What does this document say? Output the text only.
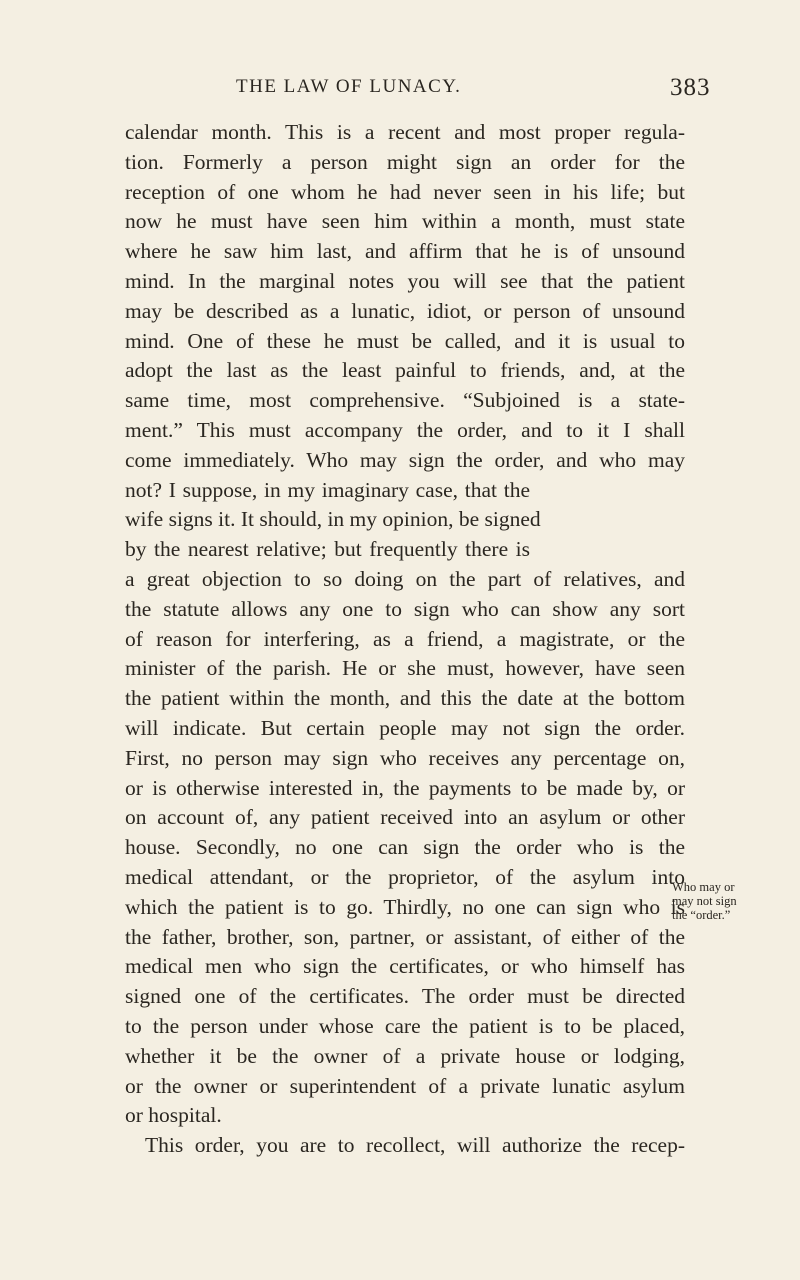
THE LAW OF LUNACY.	383
calendar month. This is a recent and most proper regula-
tion. Formerly a person might sign an order for the
reception of one whom he had never seen in his life; but
now he must have seen him within a month, must state
where he saw him last, and affirm that he is of unsound
mind. In the marginal notes you will see that the patient
may be described as a lunatic, idiot, or person of unsound
mind. One of these he must be called, and it is usual to
adopt the last as the least painful to friends, and, at the
same time, most comprehensive. “Subjoined is a state-
ment.” This must accompany the order, and to it I shall
come immediately. Who may sign the order, and who may
not? I suppose, in my imaginary case, that the
wife signs it. It should, in my opinion, be signed
by the nearest relative; but frequently there is
a great objection to so doing on the part of relatives, and
the statute allows any one to sign who can show any sort
of reason for interfering, as a friend, a magistrate, or the
minister of the parish. He or she must, however, have seen
the patient within the month, and this the date at the bottom
will indicate. But certain people may not sign the order.
First, no person may sign who receives any percentage on,
or is otherwise interested in, the payments to be made by, or
on account of, any patient received into an asylum or other
house. Secondly, no one can sign the order who is the
medical attendant, or the proprietor, of the asylum into
which the patient is to go. Thirdly, no one can sign who is
the father, brother, son, partner, or assistant, of either of the
medical men who sign the certificates, or who himself has
signed one of the certificates. The order must be directed
to the person under whose care the patient is to be placed,
whether it be the owner of a private house or lodging,
or the owner or superintendent of a private lunatic asylum
or hospital.
This order, you are to recollect, will authorize the recep-
Who may or
may not sign
the “order.”
